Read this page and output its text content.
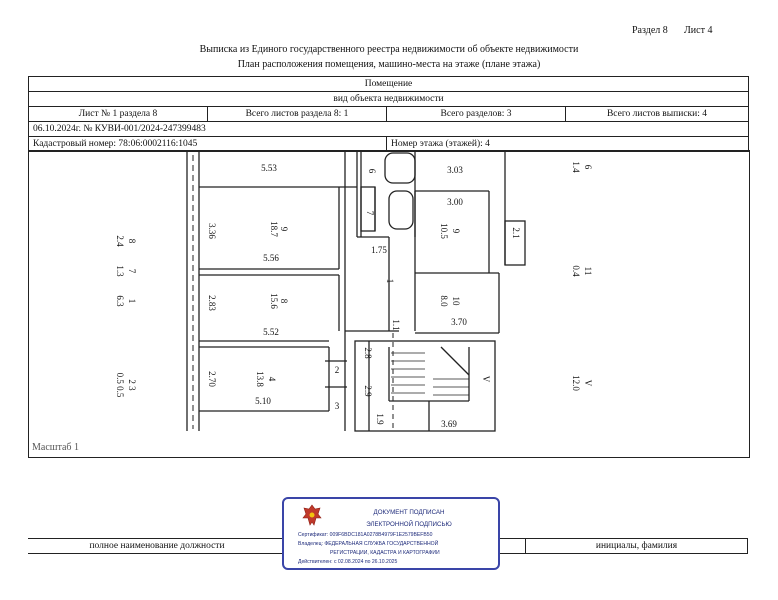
Раздел 8 Лист 4
Выписка из Единого государственного реестра недвижимости об объекте недвижимости
План расположения помещения, машино-места на этаже (плане этажа)
Помещение			
вид объекта недвижимости			
Лист № 1 раздела 8	Всего листов раздела 8: 1	Всего разделов: 3	Всего листов выписки: 4
06.10.2024г. № КУВИ-001/2024-247399483			
Кадастровый номер: 78:06:0002116:1045		Номер этажа (этажей): 4	
5.53
3.36	9
18.7
5.56
2.83	8
15.6
5.52
2.70	4
13.8
5.10
2
3
1.75
1
6
7
3.03
3.00
9
10.5
10
8.0
3.70
2.1
1.1
2.8
2.9
V
3.69
1.9
8
2.4
7
1.3
1
6.3
2 3
0.5 0.5
6
1.4
11
0.4
V
12.0
Масштаб 1
полное наименование должности		инициалы, фамилия
ДОКУМЕНТ ПОДПИСАН
ЭЛЕКТРОННОЙ ПОДПИСЬЮ
Сертификат: 009F6BDC181A0278B4979F1E2579BEFB50
Владелец: ФЕДЕРАЛЬНАЯ СЛУЖБА ГОСУДАРСТВЕННОЙ
РЕГИСТРАЦИИ, КАДАСТРА И КАРТОГРАФИИ
Действителен: с 02.08.2024 по 26.10.2025
